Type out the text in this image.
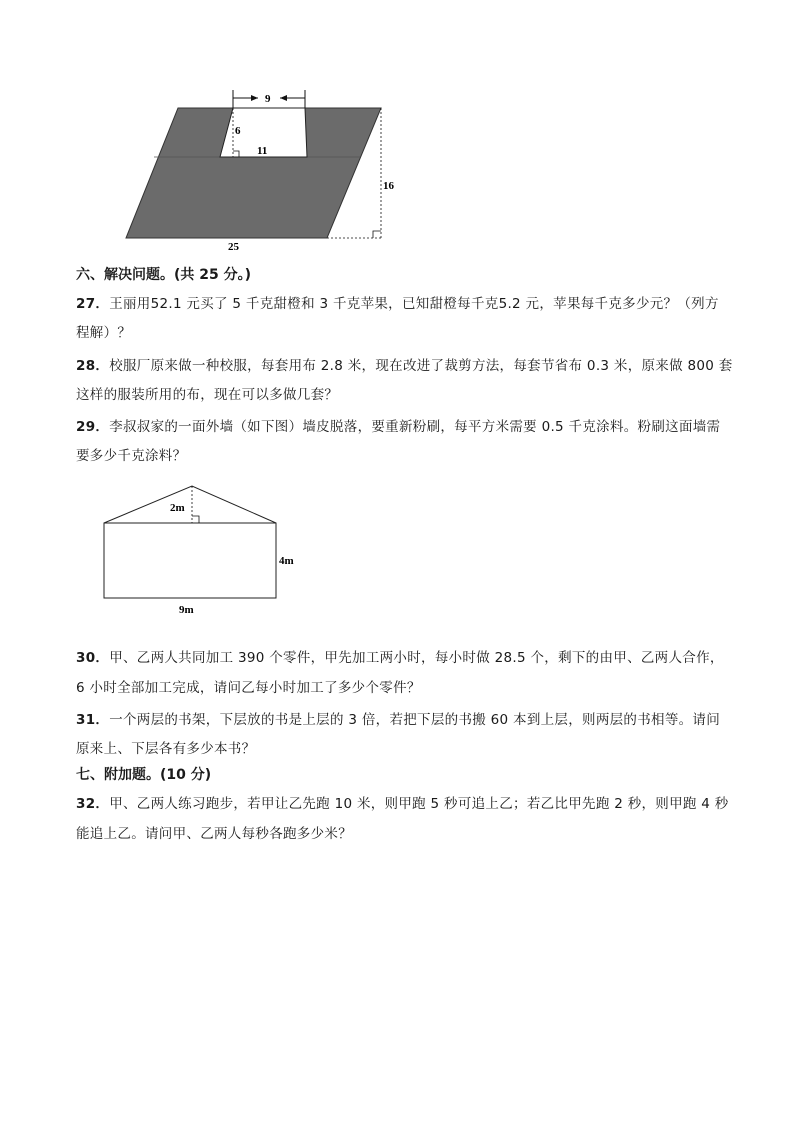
9
6
11
16
25
六、解决问题。(共 25 分。)
27．王丽用52.1 元买了 5 千克甜橙和 3 千克苹果，已知甜橙每千克5.2 元，苹果每千克多少元？（列方
程解）？
28．校服厂原来做一种校服，每套用布 2.8 米，现在改进了裁剪方法，每套节省布 0.3 米，原来做 800 套
这样的服装所用的布，现在可以多做几套？
29．李叔叔家的一面外墙（如下图）墙皮脱落，要重新粉刷，每平方米需要 0.5 千克涂料。粉刷这面墙需
要多少千克涂料？
2m
4m
9m
30．甲、乙两人共同加工 390 个零件，甲先加工两小时，每小时做 28.5 个，剩下的由甲、乙两人合作，
6 小时全部加工完成，请问乙每小时加工了多少个零件？
31．一个两层的书架，下层放的书是上层的 3 倍，若把下层的书搬 60 本到上层，则两层的书相等。请问
原来上、下层各有多少本书？
七、附加题。(10 分)
32．甲、乙两人练习跑步，若甲让乙先跑 10 米，则甲跑 5 秒可追上乙；若乙比甲先跑 2 秒，则甲跑 4 秒
能追上乙。请问甲、乙两人每秒各跑多少米？
